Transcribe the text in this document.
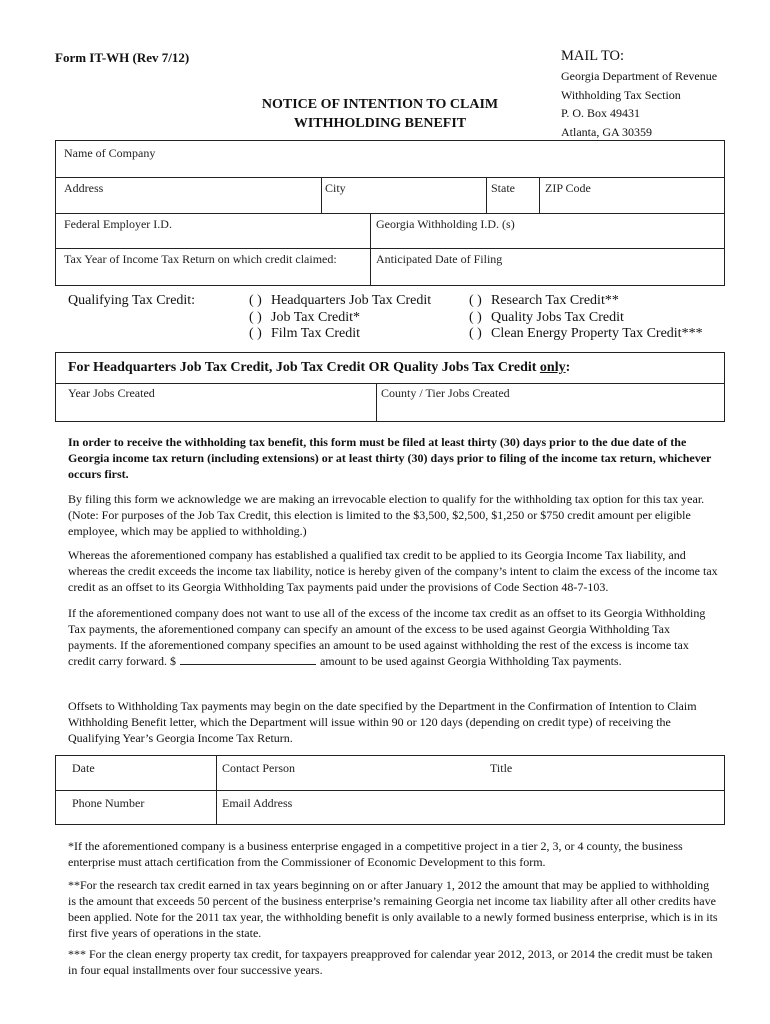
Form IT-WH (Rev 7/12)	MAIL TO:
Georgia Department of Revenue
Withholding Tax Section
P. O. Box 49431
Atlanta, GA 30359
NOTICE OF INTENTION TO CLAIM
WITHHOLDING BENEFIT
Name of Company
Address	City	State	ZIP Code
Federal Employer I.D.	Georgia Withholding I.D. (s)
Tax Year of Income Tax Return on which credit claimed:	Anticipated Date of Filing
Qualifying Tax Credit:	( ) Headquarters Job Tax Credit
( ) Job Tax Credit*
( ) Film Tax Credit
( ) Research Tax Credit**
( ) Quality Jobs Tax Credit
( ) Clean Energy Property Tax Credit***
For Headquarters Job Tax Credit, Job Tax Credit OR Quality Jobs Tax Credit only:
Year Jobs Created	County / Tier Jobs Created
In order to receive the withholding tax benefit, this form must be filed at least thirty (30) days prior to the due date of the Georgia income tax return (including extensions) or at least thirty (30) days prior to filing of the income tax return, whichever occurs first.
By filing this form we acknowledge we are making an irrevocable election to qualify for the withholding tax option for this tax year. (Note: For purposes of the Job Tax Credit, this election is limited to the $3,500, $2,500, $1,250 or $750 credit amount per eligible employee, which may be applied to withholding.)
Whereas the aforementioned company has established a qualified tax credit to be applied to its Georgia Income Tax liability, and whereas the credit exceeds the income tax liability, notice is hereby given of the company’s intent to claim the excess of the income tax credit as an offset to its Georgia Withholding Tax payments paid under the provisions of Code Section 48-7-103.
If the aforementioned company does not want to use all of the excess of the income tax credit as an offset to its Georgia Withholding Tax payments, the aforementioned company can specify an amount of the excess to be used against Georgia Withholding Tax payments. If the aforementioned company specifies an amount to be used against withholding the rest of the excess is income tax credit carry forward. $	amount to be used against Georgia Withholding Tax payments.
Offsets to Withholding Tax payments may begin on the date specified by the Department in the Confirmation of Intention to Claim Withholding Benefit letter, which the Department will issue within 90 or 120 days (depending on credit type) of receiving the Qualifying Year’s Georgia Income Tax Return.
Date	Contact Person	Title
Phone Number	Email Address
*If the aforementioned company is a business enterprise engaged in a competitive project in a tier 2, 3, or 4 county, the business enterprise must attach certification from the Commissioner of Economic Development to this form.
**For the research tax credit earned in tax years beginning on or after January 1, 2012 the amount that may be applied to withholding is the amount that exceeds 50 percent of the business enterprise’s remaining Georgia net income tax liability after all other credits have been applied. Note for the 2011 tax year, the withholding benefit is only available to a newly formed business enterprise, which is in its first five years of operations in the state.
*** For the clean energy property tax credit, for taxpayers preapproved for calendar year 2012, 2013, or 2014 the credit must be taken in four equal installments over four successive years.
